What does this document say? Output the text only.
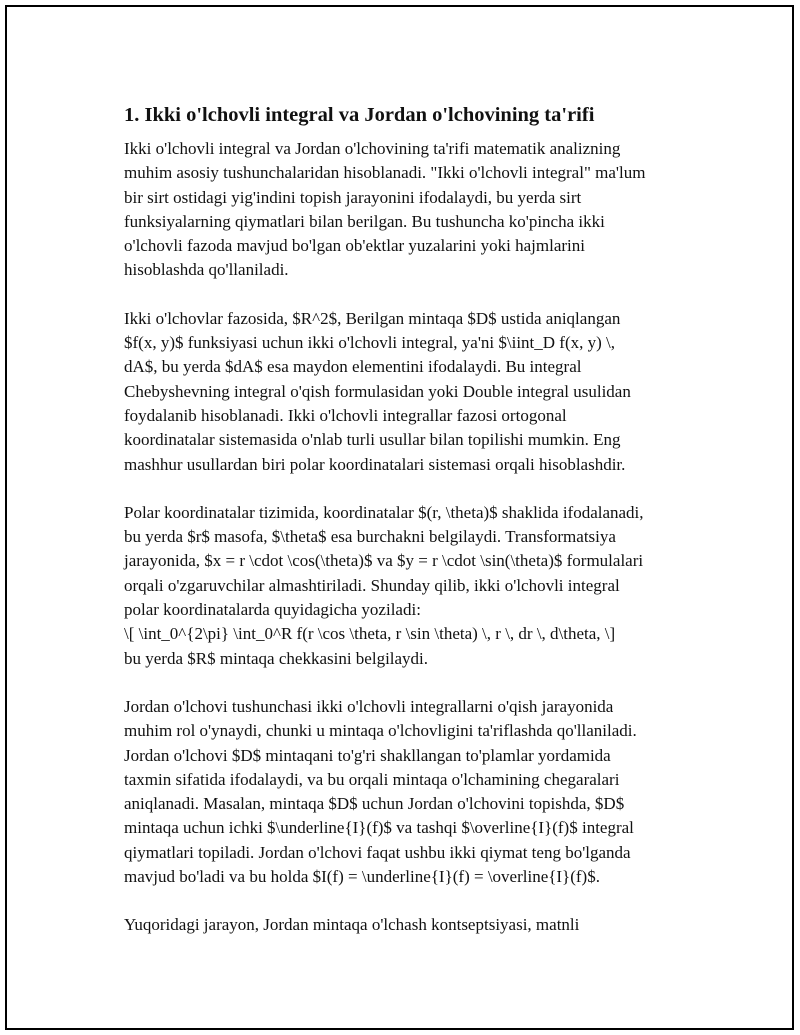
1. Ikki o'lchovli integral va Jordan o'lchovining ta'rifi
Ikki o'lchovli integral va Jordan o'lchovining ta'rifi matematik analizning
muhim asosiy tushunchalaridan hisoblanadi. "Ikki o'lchovli integral" ma'lum
bir sirt ostidagi yig'indini topish jarayonini ifodalaydi, bu yerda sirt
funksiyalarning qiymatlari bilan berilgan. Bu tushuncha ko'pincha ikki
o'lchovli fazoda mavjud bo'lgan ob'ektlar yuzalarini yoki hajmlarini
hisoblashda qo'llaniladi.
Ikki o'lchovlar fazosida, $R^2$, Berilgan mintaqa $D$ ustida aniqlangan
$f(x, y)$ funksiyasi uchun ikki o'lchovli integral, ya'ni $\iint_D f(x, y) \,
dA$, bu yerda $dA$ esa maydon elementini ifodalaydi. Bu integral
Chebyshevning integral o'qish formulasidan yoki Double integral usulidan
foydalanib hisoblanadi. Ikki o'lchovli integrallar fazosi ortogonal
koordinatalar sistemasida o'nlab turli usullar bilan topilishi mumkin. Eng
mashhur usullardan biri polar koordinatalari sistemasi orqali hisoblashdir.
Polar koordinatalar tizimida, koordinatalar $(r, \theta)$ shaklida ifodalanadi,
bu yerda $r$ masofa, $\theta$ esa burchakni belgilaydi. Transformatsiya
jarayonida, $x = r \cdot \cos(\theta)$ va $y = r \cdot \sin(\theta)$ formulalari
orqali o'zgaruvchilar almashtiriladi. Shunday qilib, ikki o'lchovli integral
polar koordinatalarda quyidagicha yoziladi:
\[ \int_0^{2\pi} \int_0^R f(r \cos \theta, r \sin \theta) \, r \, dr \, d\theta, \]
bu yerda $R$ mintaqa chekkasini belgilaydi.
Jordan o'lchovi tushunchasi ikki o'lchovli integrallarni o'qish jarayonida
muhim rol o'ynaydi, chunki u mintaqa o'lchovligini ta'riflashda qo'llaniladi.
Jordan o'lchovi $D$ mintaqani to'g'ri shakllangan to'plamlar yordamida
taxmin sifatida ifodalaydi, va bu orqali mintaqa o'lchamining chegaralari
aniqlanadi. Masalan, mintaqa $D$ uchun Jordan o'lchovini topishda, $D$
mintaqa uchun ichki $\underline{I}(f)$ va tashqi $\overline{I}(f)$ integral
qiymatlari topiladi. Jordan o'lchovi faqat ushbu ikki qiymat teng bo'lganda
mavjud bo'ladi va bu holda $I(f) = \underline{I}(f) = \overline{I}(f)$.
Yuqoridagi jarayon, Jordan mintaqa o'lchash kontseptsiyasi, matnli
